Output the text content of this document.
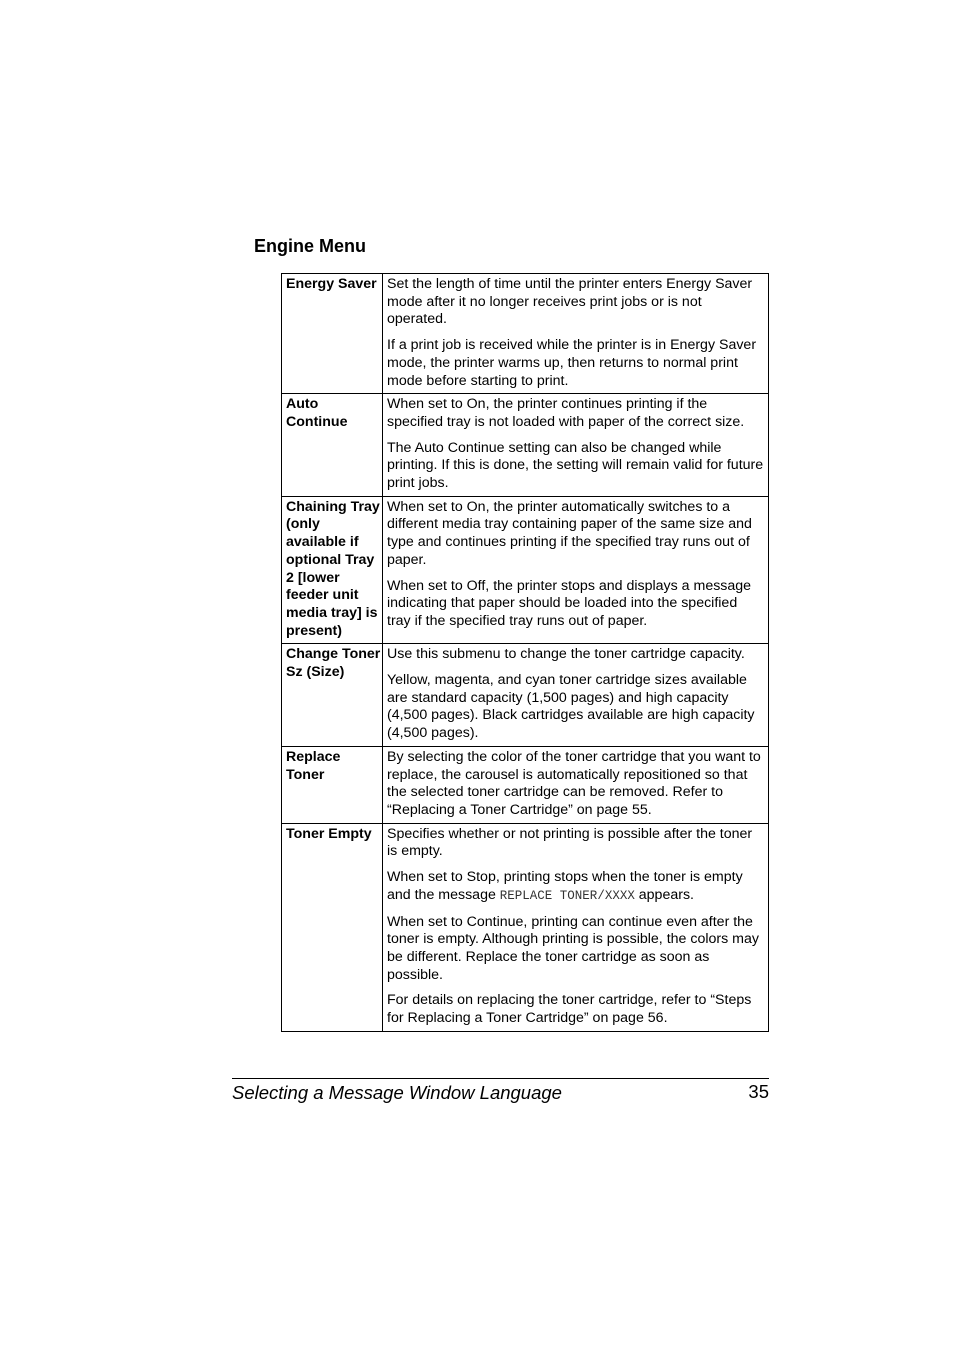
Engine Menu
Energy Saver	Set the length of time until the printer enters Energy Saver mode after it no longer receives print jobs or is not operated.

If a print job is received while the printer is in Energy Saver mode, the printer warms up, then returns to normal print mode before starting to print.

Auto Continue	When set to On, the printer continues printing if the specified tray is not loaded with paper of the correct size.

The Auto Continue setting can also be changed while printing. If this is done, the setting will remain valid for future print jobs.

Chaining Tray (only available if optional Tray 2 [lower feeder unit media tray] is present)	When set to On, the printer automatically switches to a different media tray containing paper of the same size and type and continues printing if the specified tray runs out of paper.

When set to Off, the printer stops and displays a message indicating that paper should be loaded into the specified tray if the specified tray runs out of paper.

Change Toner Sz (Size)	Use this submenu to change the toner cartridge capacity.

Yellow, magenta, and cyan toner cartridge sizes available are standard capacity (1,500 pages) and high capacity (4,500 pages). Black cartridges available are high capacity (4,500 pages).

Replace Toner	By selecting the color of the toner cartridge that you want to replace, the carousel is automatically repositioned so that the selected toner cartridge can be removed. Refer to “Replacing a Toner Cartridge” on page 55.

Toner Empty	Specifies whether or not printing is possible after the toner is empty.

When set to Stop, printing stops when the toner is empty and the message REPLACE TONER/XXXX appears.

When set to Continue, printing can continue even after the toner is empty. Although printing is possible, the colors may be different. Replace the toner cartridge as soon as possible.

For details on replacing the toner cartridge, refer to “Steps for Replacing a Toner Cartridge” on page 56.

Selecting a Message Window Language	35
